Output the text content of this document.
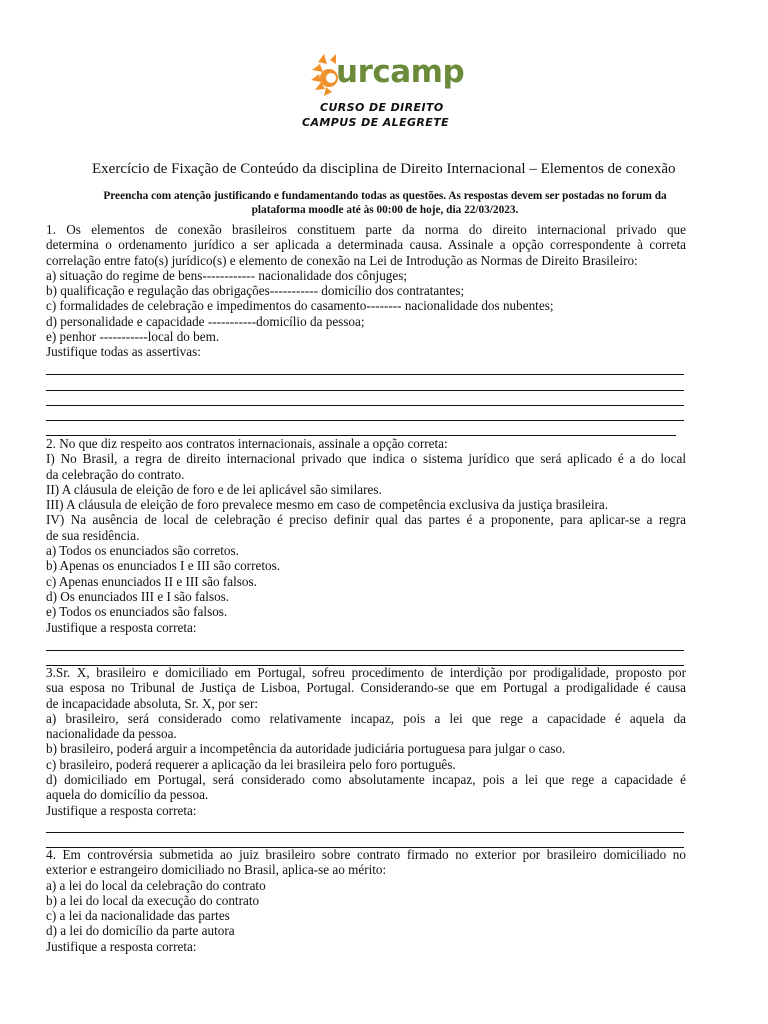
urcamp

CURSO DE DIREITO

CAMPUS DE ALEGRETE

Exercício de Fixação de Conteúdo da disciplina de Direito Internacional – Elementos de conexão

Preencha com atenção justificando e fundamentando todas as questões. As respostas devem ser postadas no forum da
plataforma moodle até às 00:00 de hoje, dia 22/03/2023.

1. Os elementos de conexão brasileiros constituem parte da norma do direito internacional privado que

determina o ordenamento jurídico a ser aplicada a determinada causa. Assinale a opção correspondente à correta

correlação entre fato(s) jurídico(s) e elemento de conexão na Lei de Introdução as Normas de Direito Brasileiro:

a) situação do regime de bens------------ nacionalidade dos cônjuges;

b) qualificação e regulação das obrigações----------- domicílio dos contratantes;

c) formalidades de celebração e impedimentos do casamento-------- nacionalidade dos nubentes;

d) personalidade e capacidade -----------domicílio da pessoa;

e) penhor -----------local do bem.

Justifique todas as assertivas:

2. No que diz respeito aos contratos internacionais, assinale a opção correta:

I) No Brasil, a regra de direito internacional privado que indica o sistema jurídico que será aplicado é a do local

da celebração do contrato.

II) A cláusula de eleição de foro e de lei aplicável são similares.

III) A cláusula de eleição de foro prevalece mesmo em caso de competência exclusiva da justiça brasileira.

IV) Na ausência de local de celebração é preciso definir qual das partes é a proponente, para aplicar-se a regra

de sua residência.

a) Todos os enunciados são corretos.

b) Apenas os enunciados I e III são corretos.

c) Apenas enunciados II e III são falsos.

d) Os enunciados III e I são falsos.

e) Todos os enunciados são falsos.

Justifique a resposta correta:

3.Sr. X, brasileiro e domiciliado em Portugal, sofreu procedimento de interdição por prodigalidade, proposto por

sua esposa no Tribunal de Justiça de Lisboa, Portugal. Considerando-se que em Portugal a prodigalidade é causa

de incapacidade absoluta, Sr. X, por ser:

a) brasileiro, será considerado como relativamente incapaz, pois a lei que rege a capacidade é aquela da

nacionalidade da pessoa.

b) brasileiro, poderá arguir a incompetência da autoridade judiciária portuguesa para julgar o caso.

c) brasileiro, poderá requerer a aplicação da lei brasileira pelo foro português.

d) domiciliado em Portugal, será considerado como absolutamente incapaz, pois a lei que rege a capacidade é

aquela do domicílio da pessoa.

Justifique a resposta correta:

4. Em controvérsia submetida ao juiz brasileiro sobre contrato firmado no exterior por brasileiro domiciliado no

exterior e estrangeiro domiciliado no Brasil, aplica-se ao mérito:

a) a lei do local da celebração do contrato

b) a lei do local da execução do contrato

c) a lei da nacionalidade das partes

d) a lei do domicílio da parte autora

Justifique a resposta correta:
